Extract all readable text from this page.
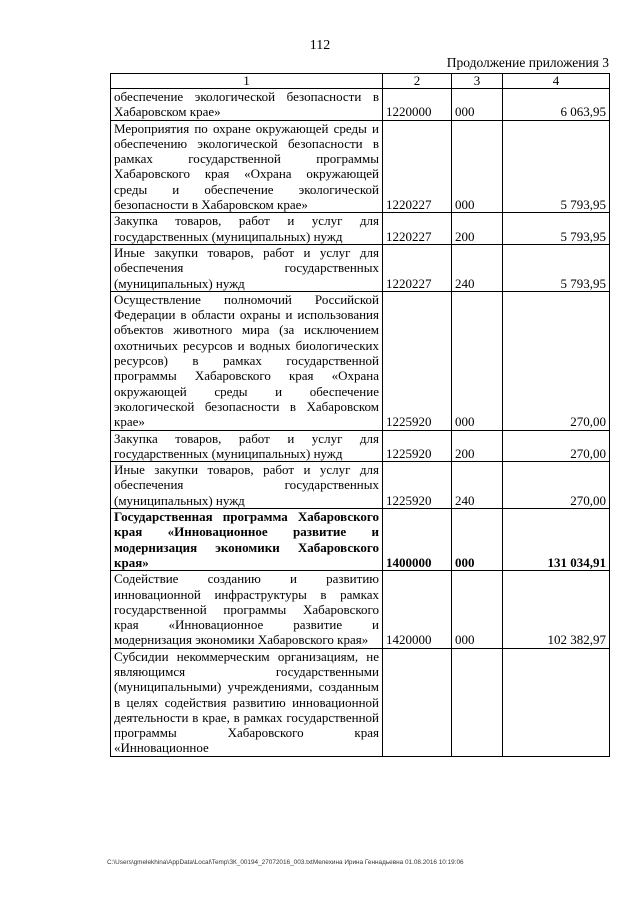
112
Продолжение приложения 3
1	2	3	4
обеспечение экологической безопасности в Хабаровском крае»	1220000	000	6 063,95
Мероприятия по охране окружающей среды и обеспечению экологической безопасности в рамках государственной программы Хабаровского края «Охрана окружающей среды и обеспечение экологической безопасности в Хабаровском крае»	1220227	000	5 793,95
Закупка товаров, работ и услуг для государственных (муниципальных) нужд	1220227	200	5 793,95
Иные закупки товаров, работ и услуг для обеспечения государственных (муниципальных) нужд	1220227	240	5 793,95
Осуществление полномочий Российской Федерации в области охраны и использования объектов животного мира (за исключением охотничьих ресурсов и водных биологических ресурсов) в рамках государственной программы Хабаровского края «Охрана окружающей среды и обеспечение экологической безопасности в Хабаровском крае»	1225920	000	270,00
Закупка товаров, работ и услуг для государственных (муниципальных) нужд	1225920	200	270,00
Иные закупки товаров, работ и услуг для обеспечения государственных (муниципальных) нужд	1225920	240	270,00
Государственная программа Хабаровского края «Инновационное развитие и модернизация экономики Хабаровского края»	1400000	000	131 034,91
Содействие созданию и развитию инновационной инфраструктуры в рамках государственной программы Хабаровского края «Инновационное развитие и модернизация экономики Хабаровского края»	1420000	000	102 382,97
Субсидии некоммерческим организациям, не являющимся государственными (муниципальными) учреждениями, созданным в целях содействия развитию инновационной деятельности в крае, в рамках государственной программы Хабаровского края «Инновационное			
C:\Users\gmelekhina\AppData\Local\Temp\ЗК_00194_27072016_003.txtМелехина Ирина Геннадьевна 01.08.2016 10:19:06
